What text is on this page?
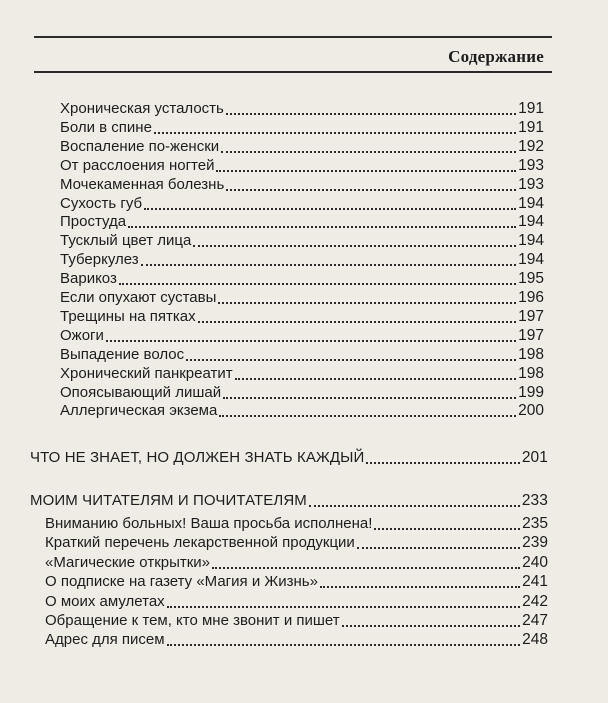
Содержание
Хроническая усталость	191
Боли в спине	191
Воспаление по-женски	192
От расслоения ногтей	193
Мочекаменная болезнь	193
Сухость губ	194
Простуда	194
Тусклый цвет лица	194
Туберкулез	194
Варикоз	195
Если опухают суставы	196
Трещины на пятках	197
Ожоги	197
Выпадение волос	198
Хронический панкреатит	198
Опоясывающий лишай	199
Аллергическая экзема	200
Вниманию больных! Ваша просьба исполнена!	235
Краткий перечень лекарственной продукции	239
«Магические открытки»	240
О подписке на газету «Магия и Жизнь»	241
О моих амулетах	242
Обращение к тем, кто мне звонит и пишет	247
Адрес для писем	248
ЧТО НЕ ЗНАЕТ, НО ДОЛЖЕН ЗНАТЬ КАЖДЫЙ	201
МОИМ ЧИТАТЕЛЯМ И ПОЧИТАТЕЛЯМ	233
